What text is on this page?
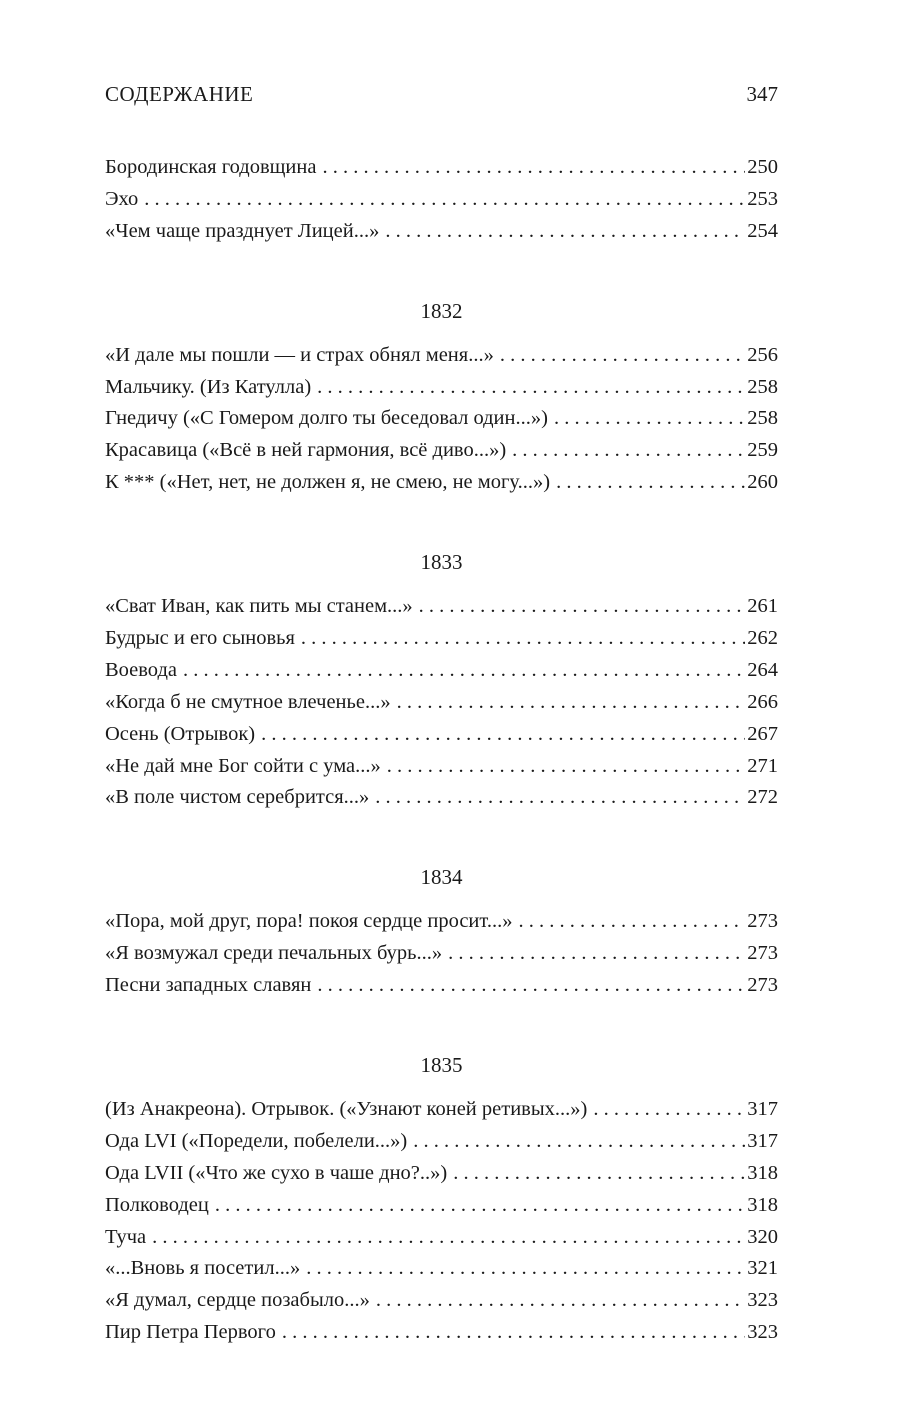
СОДЕРЖАНИЕ	347
Бородинская годовщина . . .	250
Эхо . . .	253
«Чем чаще празднует Лицей...» . . .	254
1832
«И дале мы пошли — и страх обнял меня...» . . .	256
Мальчику. (Из Катулла) . . .	258
Гнедичу («С Гомером долго ты беседовал один...») . . .	258
Красавица («Всё в ней гармония, всё диво...») . . .	259
К *** («Нет, нет, не должен я, не смею, не могу...») . . .	260
1833
«Сват Иван, как пить мы станем...» . . .	261
Будрыс и его сыновья . . .	262
Воевода . . .	264
«Когда б не смутное влеченье...» . . .	266
Осень (Отрывок) . . .	267
«Не дай мне Бог сойти с ума...» . . .	271
«В поле чистом серебрится...» . . .	272
1834
«Пора, мой друг, пора! покоя сердце просит...» . . .	273
«Я возмужал среди печальных бурь...» . . .	273
Песни западных славян . . .	273
1835
(Из Анакреона). Отрывок. («Узнают коней ретивых...») . . .	317
Ода LVI («Поредели, побелели...») . . .	317
Ода LVII («Что же сухо в чаше дно?..») . . .	318
Полководец . . .	318
Туча . . .	320
«...Вновь я посетил...» . . .	321
«Я думал, сердце позабыло...» . . .	323
Пир Петра Первого . . .	323
